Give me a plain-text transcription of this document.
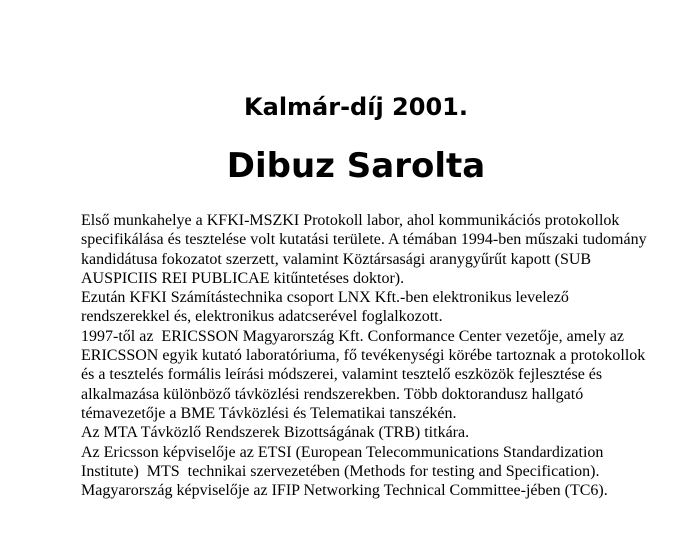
Kalmár-díj 2001.
Dibuz Sarolta
Első munkahelye a KFKI-MSZKI Protokoll labor, ahol kommunikációs protokollok
specifikálása és tesztelése volt kutatási területe. A témában 1994-ben műszaki tudomány
kandidátusa fokozatot szerzett, valamint Köztársasági aranygyűrűt kapott (SUB
AUSPICIIS REI PUBLICAE kitűntetéses doktor).
Ezután KFKI Számítástechnika csoport LNX Kft.-ben elektronikus levelező
rendszerekkel és, elektronikus adatcserével foglalkozott.
1997-től az  ERICSSON Magyarország Kft. Conformance Center vezetője, amely az
ERICSSON egyik kutató laboratóriuma, fő tevékenységi körébe tartoznak a protokollok
és a tesztelés formális leírási módszerei, valamint tesztelő eszközök fejlesztése és
alkalmazása különböző távközlési rendszerekben. Több doktorandusz hallgató
témavezetője a BME Távközlési és Telematikai tanszékén.
Az MTA Távközlő Rendszerek Bizottságának (TRB) titkára.
Az Ericsson képviselője az ETSI (European Telecommunications Standardization
Institute)  MTS  technikai szervezetében (Methods for testing and Specification).
Magyarország képviselője az IFIP Networking Technical Committee-jében (TC6).
